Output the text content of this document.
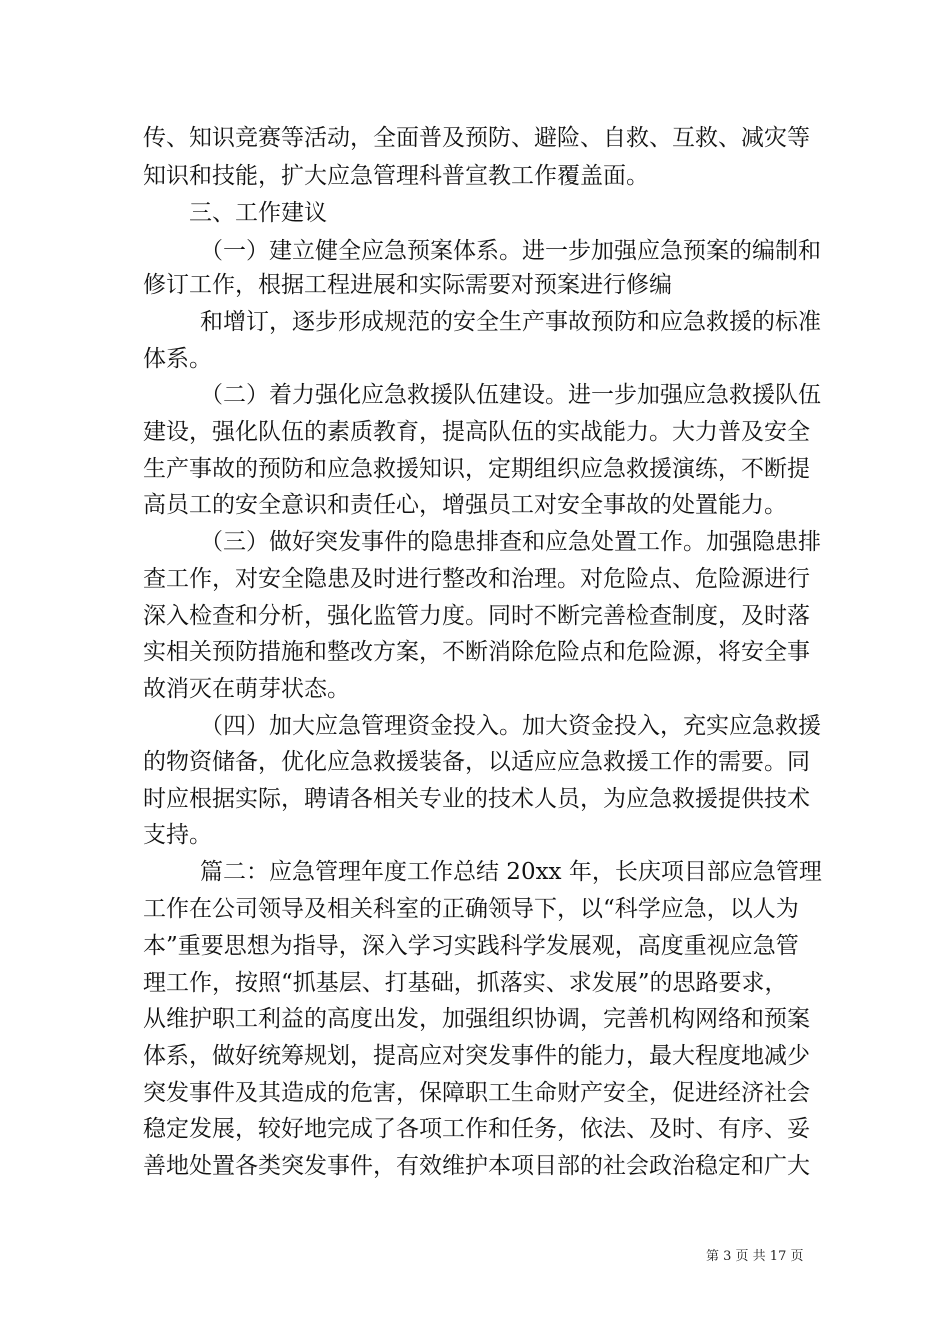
传、知识竞赛等活动，全面普及预防、避险、自救、互救、减灾等
知识和技能，扩大应急管理科普宣教工作覆盖面。
三、工作建议
（一）建立健全应急预案体系。进一步加强应急预案的编制和
修订工作，根据工程进展和实际需要对预案进行修编
和增订，逐步形成规范的安全生产事故预防和应急救援的标准
体系。
（二）着力强化应急救援队伍建设。进一步加强应急救援队伍
建设，强化队伍的素质教育，提高队伍的实战能力。大力普及安全
生产事故的预防和应急救援知识，定期组织应急救援演练，不断提
高员工的安全意识和责任心，增强员工对安全事故的处置能力。
（三）做好突发事件的隐患排查和应急处置工作。加强隐患排
查工作，对安全隐患及时进行整改和治理。对危险点、危险源进行
深入检查和分析，强化监管力度。同时不断完善检查制度，及时落
实相关预防措施和整改方案，不断消除危险点和危险源，将安全事
故消灭在萌芽状态。
（四）加大应急管理资金投入。加大资金投入，充实应急救援
的物资储备，优化应急救援装备，以适应应急救援工作的需要。同
时应根据实际，聘请各相关专业的技术人员，为应急救援提供技术
支持。
篇二：应急管理年度工作总结 20xx 年，长庆项目部应急管理
工作在公司领导及相关科室的正确领导下，以“科学应急，以人为
本”重要思想为指导，深入学习实践科学发展观，高度重视应急管
理工作，按照“抓基层、打基础，抓落实、求发展”的思路要求，
从维护职工利益的高度出发，加强组织协调，完善机构网络和预案
体系，做好统筹规划，提高应对突发事件的能力，最大程度地减少
突发事件及其造成的危害，保障职工生命财产安全，促进经济社会
稳定发展，较好地完成了各项工作和任务，依法、及时、有序、妥
善地处置各类突发事件，有效维护本项目部的社会政治稳定和广大
第 3 页 共 17 页
